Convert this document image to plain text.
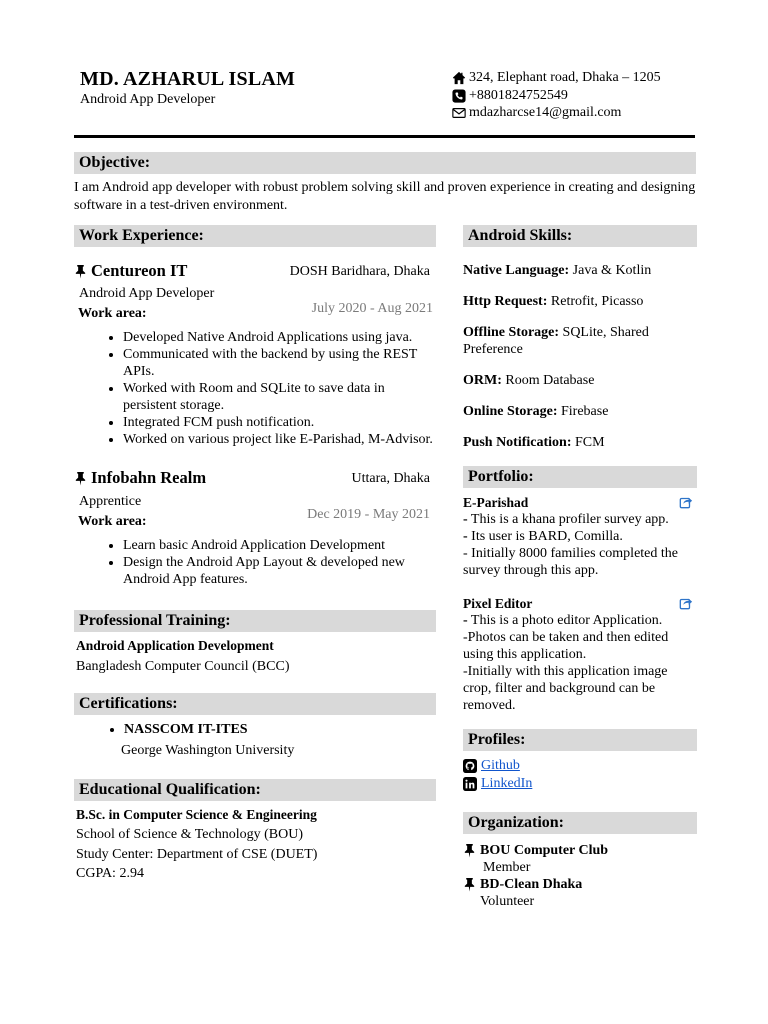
MD. AZHARUL ISLAM
Android App Developer
324, Elephant road, Dhaka – 1205
+8801824752549
mdazharcse14@gmail.com
Objective:
I am Android app developer with robust problem solving skill and proven experience in creating and designing software in a test-driven environment.
Work Experience:
Centureon IT	DOSH Baridhara, Dhaka
Android App Developer
July 2020 - Aug 2021
Work area:
• Developed Native Android Applications using java.
• Communicated with the backend by using the REST APIs.
• Worked with Room and SQLite to save data in persistent storage.
• Integrated FCM push notification.
• Worked on various project like E-Parishad, M-Advisor.
Infobahn Realm	Uttara, Dhaka
Apprentice
Dec 2019 - May 2021
Work area:
• Learn basic Android Application Development
• Design the Android App Layout & developed new Android App features.
Professional Training:
Android Application Development
Bangladesh Computer Council (BCC)
Certifications:
• NASSCOM IT-ITES
George Washington University
Educational Qualification:
B.Sc. in Computer Science & Engineering
School of Science & Technology (BOU)
Study Center: Department of CSE (DUET)
CGPA: 2.94
Android Skills:
Native Language: Java & Kotlin
Http Request: Retrofit, Picasso
Offline Storage: SQLite, Shared Preference
ORM: Room Database
Online Storage: Firebase
Push Notification: FCM
Portfolio:
E-Parishad
- This is a khana profiler survey app.
- Its user is BARD, Comilla.
- Initially 8000 families completed the survey through this app.
Pixel Editor
- This is a photo editor Application.
-Photos can be taken and then edited using this application.
-Initially with this application image crop, filter and background can be removed.
Profiles:
Github
LinkedIn
Organization:
BOU Computer Club
Member
BD-Clean Dhaka
Volunteer
